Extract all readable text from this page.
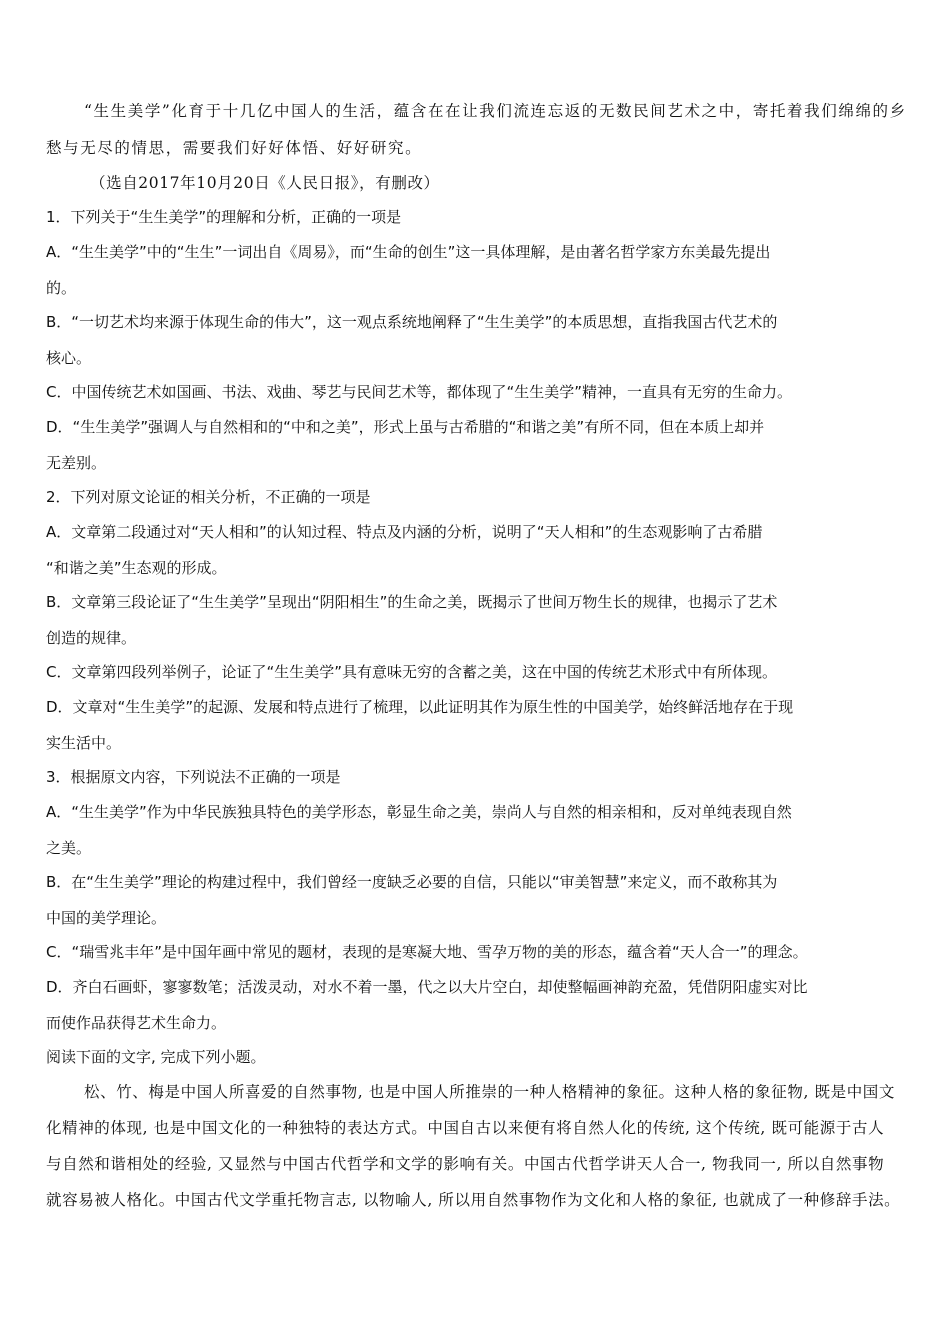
“生生美学”化育于十几亿中国人的生活，蕴含在在让我们流连忘返的无数民间艺术之中，寄托着我们绵绵的乡
愁与无尽的情思，需要我们好好体悟、好好研究。
（选自2017年10月20日《人民日报》，有删改）
1．下列关于“生生美学”的理解和分析，正确的一项是
A．“生生美学”中的“生生”一词出自《周易》，而“生命的创生”这一具体理解，是由著名哲学家方东美最先提出
的。
B．“一切艺术均来源于体现生命的伟大”，这一观点系统地阐释了“生生美学”的本质思想，直指我国古代艺术的
核心。
C．中国传统艺术如国画、书法、戏曲、琴艺与民间艺术等，都体现了“生生美学”精神，一直具有无穷的生命力。
D．“生生美学”强调人与自然相和的“中和之美”，形式上虽与古希腊的“和谐之美”有所不同，但在本质上却并
无差别。
2．下列对原文论证的相关分析，不正确的一项是
A．文章第二段通过对“天人相和”的认知过程、特点及内涵的分析，说明了“天人相和”的生态观影响了古希腊
“和谐之美”生态观的形成。
B．文章第三段论证了“生生美学”呈现出“阴阳相生”的生命之美，既揭示了世间万物生长的规律，也揭示了艺术
创造的规律。
C．文章第四段列举例子，论证了“生生美学”具有意味无穷的含蓄之美，这在中国的传统艺术形式中有所体现。
D．文章对“生生美学”的起源、发展和特点进行了梳理，以此证明其作为原生性的中国美学，始终鲜活地存在于现
实生活中。
3．根据原文内容，下列说法不正确的一项是
A．“生生美学”作为中华民族独具特色的美学形态，彰显生命之美，崇尚人与自然的相亲相和，反对单纯表现自然
之美。
B．在“生生美学”理论的构建过程中，我们曾经一度缺乏必要的自信，只能以“审美智慧”来定义，而不敢称其为
中国的美学理论。
C．“瑞雪兆丰年”是中国年画中常见的题材，表现的是寒凝大地、雪孕万物的美的形态，蕴含着“天人合一”的理念。
D．齐白石画虾，寥寥数笔；活泼灵动，对水不着一墨，代之以大片空白，却使整幅画神韵充盈，凭借阴阳虚实对比
而使作品获得艺术生命力。
阅读下面的文字, 完成下列小题。
松、竹、梅是中国人所喜爱的自然事物, 也是中国人所推崇的一种人格精神的象征。这种人格的象征物, 既是中国文
化精神的体现, 也是中国文化的一种独特的表达方式。中国自古以来便有将自然人化的传统, 这个传统, 既可能源于古人
与自然和谐相处的经验, 又显然与中国古代哲学和文学的影响有关。中国古代哲学讲天人合一, 物我同一, 所以自然事物
就容易被人格化。中国古代文学重托物言志, 以物喻人, 所以用自然事物作为文化和人格的象征, 也就成了一种修辞手法。
